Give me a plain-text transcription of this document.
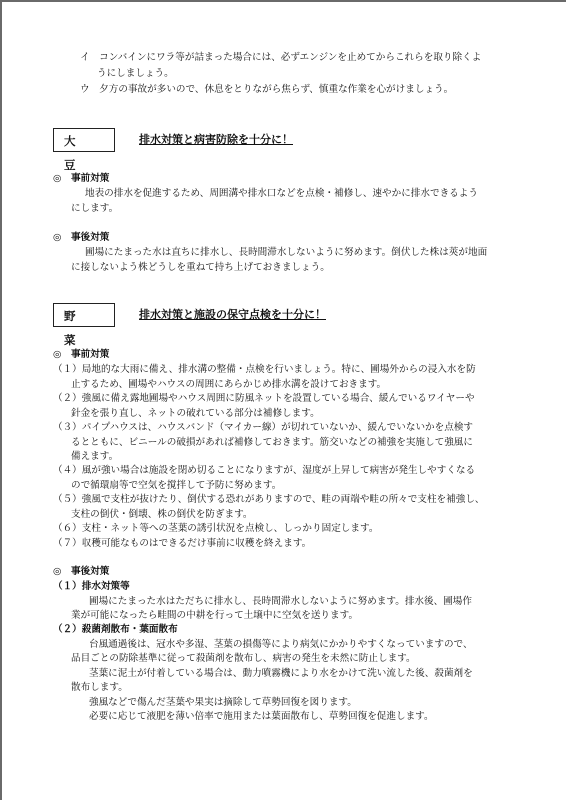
イ　コンバインにワラ等が詰まった場合には、必ずエンジンを止めてからこれらを取り除くよ
うにしましょう。
ウ　夕方の事故が多いので、休息をとりながら焦らず、慎重な作業を心がけましょう。
大　豆
排水対策と病害防除を十分に！
◎　事前対策
地表の排水を促進するため、周囲溝や排水口などを点検・補修し、速やかに排水できるよう
にします。
◎　事後対策
圃場にたまった水は直ちに排水し、長時間滞水しないように努めます。倒伏した株は莢が地面
に接しないよう株どうしを重ねて持ち上げておきましょう。
野　菜
排水対策と施設の保守点検を十分に！
◎　事前対策
（１）局地的な大雨に備え、排水溝の整備・点検を行いましょう。特に、圃場外からの浸入水を防
止するため、圃場やハウスの周囲にあらかじめ排水溝を設けておきます。
（２）強風に備え露地圃場やハウス周囲に防風ネットを設置している場合、緩んでいるワイヤーや
針金を張り直し、ネットの破れている部分は補修します。
（３）パイプハウスは、ハウスバンド（マイカー線）が切れていないか、緩んでいないかを点検す
るとともに、ビニールの破損があれば補修しておきます。筋交いなどの補強を実施して強風に
備えます。
（４）風が強い場合は施設を閉め切ることになりますが、湿度が上昇して病害が発生しやすくなる
ので循環扇等で空気を撹拌して予防に努めます。
（５）強風で支柱が抜けたり、倒伏する恐れがありますので、畦の両端や畦の所々で支柱を補強し、
支柱の倒伏・倒壊、株の倒伏を防ぎます。
（６）支柱・ネット等への茎葉の誘引状況を点検し、しっかり固定します。
（７）収穫可能なものはできるだけ事前に収穫を終えます。
◎　事後対策
（１）排水対策等
圃場にたまった水はただちに排水し、長時間滞水しないように努めます。排水後、圃場作
業が可能になったら畦間の中耕を行って土壌中に空気を送ります。
（２）殺菌剤散布・葉面散布
台風通過後は、冠水や多湿、茎葉の損傷等により病気にかかりやすくなっていますので、
品目ごとの防除基準に従って殺菌剤を散布し、病害の発生を未然に防止します。
茎葉に泥土が付着している場合は、動力噴霧機により水をかけて洗い流した後、殺菌剤を
散布します。
強風などで傷んだ茎葉や果実は摘除して草勢回復を図ります。
必要に応じて液肥を薄い倍率で施用または葉面散布し、草勢回復を促進します。
